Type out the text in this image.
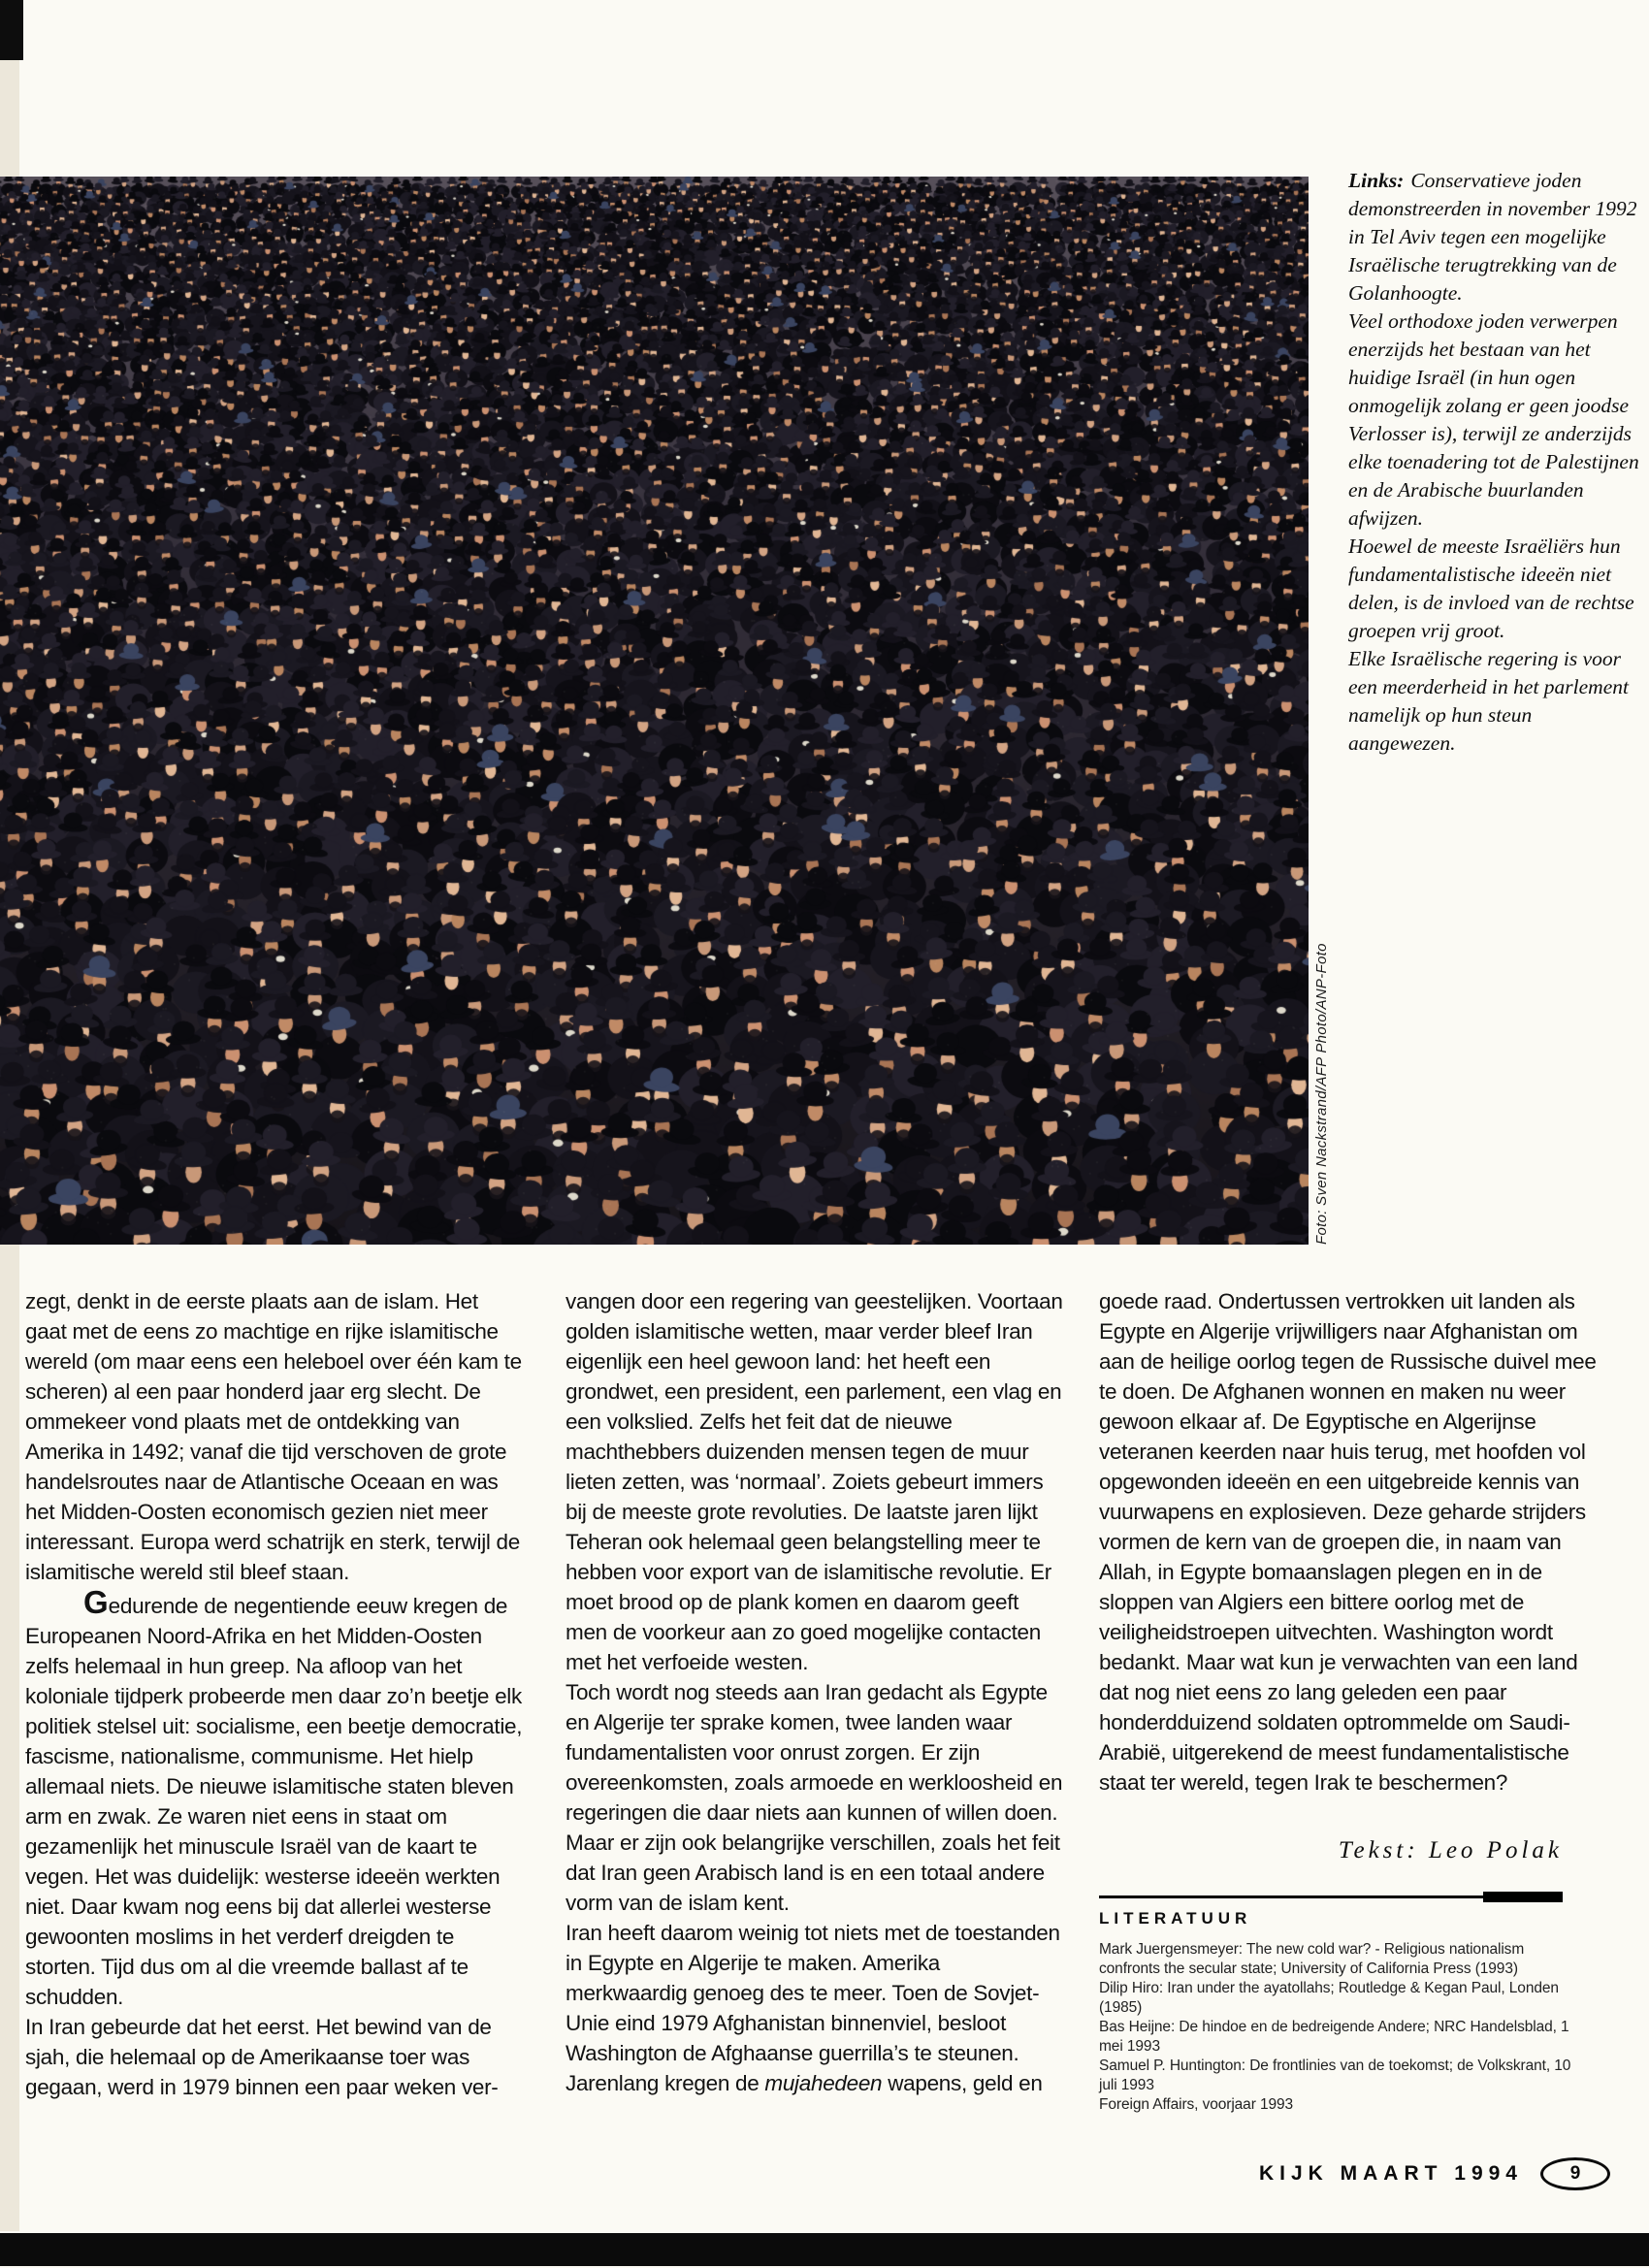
Foto: Sven Nackstrand/AFP Photo/ANP-Foto

Links: Conservatieve joden demonstreerden in november 1992 in Tel Aviv tegen een mogelijke Israëlische terugtrekking van de Golanhoogte.

Veel orthodoxe joden verwerpen enerzijds het bestaan van het huidige Israël (in hun ogen onmogelijk zolang er geen joodse Verlosser is), terwijl ze anderzijds elke toenadering tot de Palestijnen en de Arabische buurlanden afwijzen.

Hoewel de meeste Israëliërs hun fundamentalistische ideeën niet delen, is de invloed van de rechtse groepen vrij groot.

Elke Israëlische regering is voor een meerderheid in het parlement namelijk op hun steun aangewezen.

zegt, denkt in de eerste plaats aan de islam. Het gaat met de eens zo machtige en rijke islamitische wereld (om maar eens een heleboel over één kam te scheren) al een paar honderd jaar erg slecht. De ommekeer vond plaats met de ontdekking van Amerika in 1492; vanaf die tijd verschoven de grote handelsroutes naar de Atlantische Oceaan en was het Midden-Oosten economisch gezien niet meer interessant. Europa werd schatrijk en sterk, terwijl de islamitische wereld stil bleef staan.

Gedurende de negentiende eeuw kregen de Europeanen Noord-Afrika en het Midden-Oosten zelfs helemaal in hun greep. Na afloop van het koloniale tijdperk probeerde men daar zo’n beetje elk politiek stelsel uit: socialisme, een beetje democratie, fascisme, nationalisme, communisme. Het hielp allemaal niets. De nieuwe islamitische staten bleven arm en zwak. Ze waren niet eens in staat om gezamenlijk het minuscule Israël van de kaart te vegen. Het was duidelijk: westerse ideeën werkten niet. Daar kwam nog eens bij dat allerlei westerse gewoonten moslims in het verderf dreigden te storten. Tijd dus om al die vreemde ballast af te schudden.

In Iran gebeurde dat het eerst. Het bewind van de sjah, die helemaal op de Amerikaanse toer was gegaan, werd in 1979 binnen een paar weken ver-

vangen door een regering van geestelijken. Voortaan golden islamitische wetten, maar verder bleef Iran eigenlijk een heel gewoon land: het heeft een grondwet, een president, een parlement, een vlag en een volkslied. Zelfs het feit dat de nieuwe machthebbers duizenden mensen tegen de muur lieten zetten, was ‘normaal’. Zoiets gebeurt immers bij de meeste grote revoluties. De laatste jaren lijkt Teheran ook helemaal geen belangstelling meer te hebben voor export van de islamitische revolutie. Er moet brood op de plank komen en daarom geeft men de voorkeur aan zo goed mogelijke contacten met het verfoeide westen.

Toch wordt nog steeds aan Iran gedacht als Egypte en Algerije ter sprake komen, twee landen waar fundamentalisten voor onrust zorgen. Er zijn overeenkomsten, zoals armoede en werkloosheid en regeringen die daar niets aan kunnen of willen doen. Maar er zijn ook belangrijke verschillen, zoals het feit dat Iran geen Arabisch land is en een totaal andere vorm van de islam kent.

Iran heeft daarom weinig tot niets met de toestanden in Egypte en Algerije te maken. Amerika merkwaardig genoeg des te meer. Toen de Sovjet-Unie eind 1979 Afghanistan binnenviel, besloot Washington de Afghaanse guerrilla’s te steunen. Jarenlang kregen de mujahedeen wapens, geld en

goede raad. Ondertussen vertrokken uit landen als Egypte en Algerije vrijwilligers naar Afghanistan om aan de heilige oorlog tegen de Russische duivel mee te doen. De Afghanen wonnen en maken nu weer gewoon elkaar af. De Egyptische en Algerijnse veteranen keerden naar huis terug, met hoofden vol opgewonden ideeën en een uitgebreide kennis van vuurwapens en explosieven. Deze geharde strijders vormen de kern van de groepen die, in naam van Allah, in Egypte bomaanslagen plegen en in de sloppen van Algiers een bittere oorlog met de veiligheidstroepen uitvechten. Washington wordt bedankt. Maar wat kun je verwachten van een land dat nog niet eens zo lang geleden een paar honderdduizend soldaten optrommelde om Saudi-Arabië, uitgerekend de meest fundamentalistische staat ter wereld, tegen Irak te beschermen?

Tekst: Leo Polak
LITERATUUR

Mark Juergensmeyer: The new cold war? - Religious nationalism confronts the secular state; University of California Press (1993)

Dilip Hiro: Iran under the ayatollahs; Routledge & Kegan Paul, Londen (1985)

Bas Heijne: De hindoe en de bedreigende Andere; NRC Handelsblad, 1 mei 1993

Samuel P. Huntington: De frontlinies van de toekomst; de Volkskrant, 10 juli 1993

Foreign Affairs, voorjaar 1993

KIJK MAART 1994	9
